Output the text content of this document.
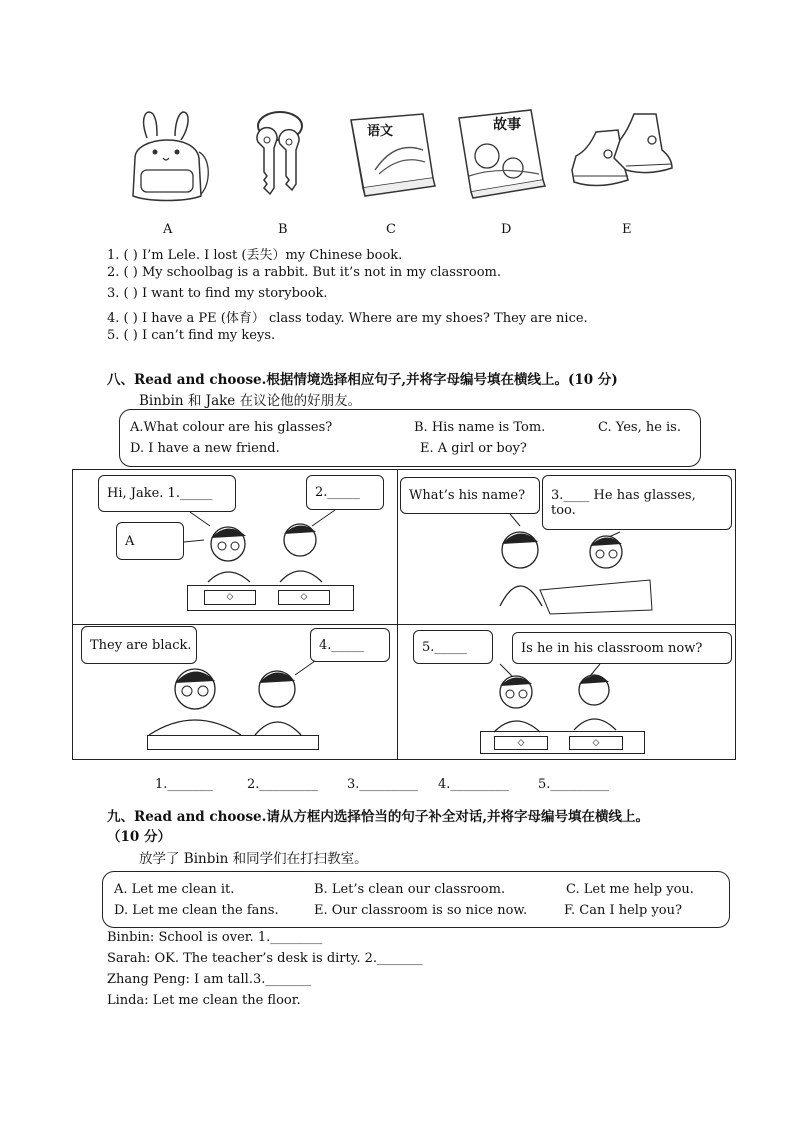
语文	故事
A	B	C	D	E
1. ( ) I’m Lele. I lost (丢失）my Chinese book.
2. ( ) My schoolbag is a rabbit. But it’s not in my classroom.
3. ( ) I want to find my storybook.
4. ( ) I have a PE (体育） class today. Where are my shoes? They are nice.
5. ( ) I can’t find my keys.
八、Read and choose.根据情境选择相应句子,并将字母编号填在横线上。(10 分)
Binbin 和 Jake 在议论他的好朋友。
A.What colour are his glasses?	B. His name is Tom.	C. Yes, he is.
D. I have a new friend.	E. A girl or boy?
Hi, Jake. 1._____	2._____
A
◇	◇
What’s his name?	3.____ He has glasses,
too.
They are black.	4._____	5._____	Is he in his classroom now?
◇	◇
1._______	2._________ 3._________ 4._________ 5._________
九、Read and choose.请从方框内选择恰当的句子补全对话,并将字母编号填在横线上。
（10 分）
放学了 Binbin 和同学们在打扫教室。
A. Let me clean it.	B. Let’s clean our classroom.	C. Let me help you.
D. Let me clean the fans.	E. Our classroom is so nice now.	F. Can I help you?
Binbin: School is over. 1.________
Sarah: OK. The teacher’s desk is dirty. 2._______
Zhang Peng: I am tall.3._______
Linda: Let me clean the floor.
